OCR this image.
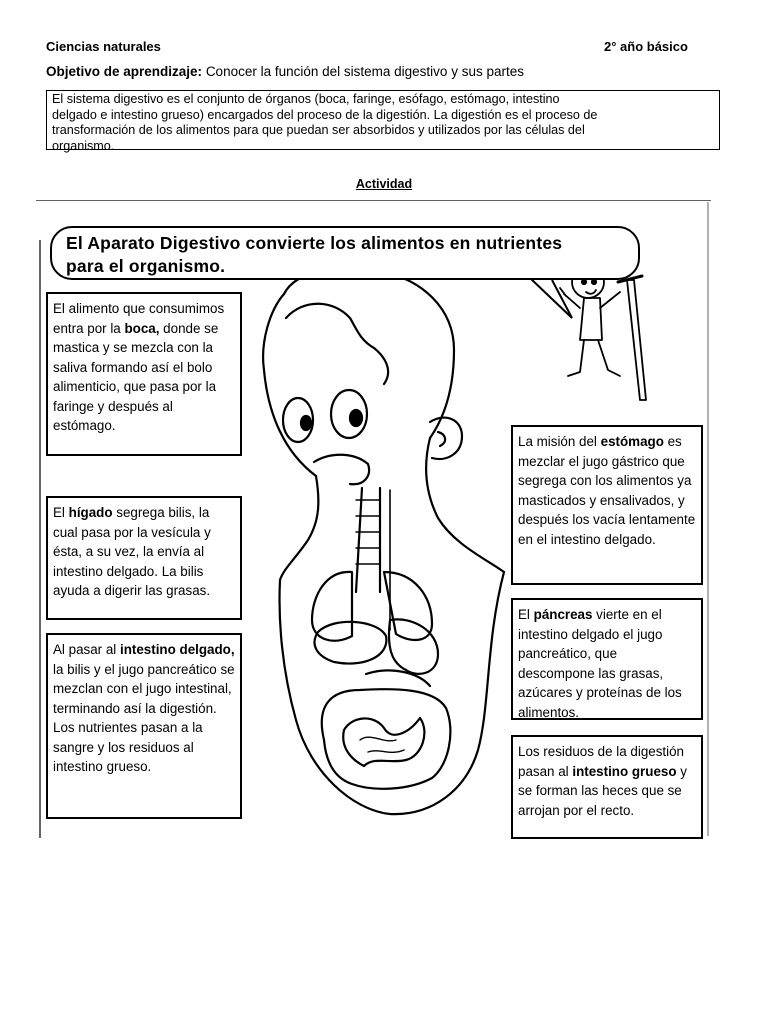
Ciencias naturales	2° año básico
Objetivo de aprendizaje: Conocer la función del sistema digestivo y sus partes
El sistema digestivo es el conjunto de órganos (boca, faringe, esófago, estómago, intestino
delgado e intestino grueso) encargados del proceso de la digestión. La digestión es el proceso de
transformación de los alimentos para que puedan ser absorbidos y utilizados por las células del
organismo.
Actividad
El Aparato Digestivo convierte los alimentos en nutrientes
para el organismo.
El alimento que consumimos entra por la boca, donde se mastica y se mezcla con la saliva formando así el bolo alimenticio, que pasa por la faringe y después al estómago.
El hígado segrega bilis, la cual pasa por la vesícula y ésta, a su vez, la envía al intestino delgado. La bilis ayuda a digerir las grasas.
Al pasar al intestino delgado, la bilis y el jugo pancreático se mezclan con el jugo intestinal, terminando así la digestión. Los nutrientes pasan a la sangre y los residuos al intestino grueso.
La misión del estómago es mezclar el jugo gástrico que segrega con los alimentos ya masticados y ensalivados, y después los vacía lentamente en el intestino delgado.
El páncreas vierte en el intestino delgado el jugo pancreático, que descompone las grasas, azúcares y proteínas de los alimentos.
Los residuos de la digestión pasan al intestino grueso y se forman las heces que se arrojan por el recto.
